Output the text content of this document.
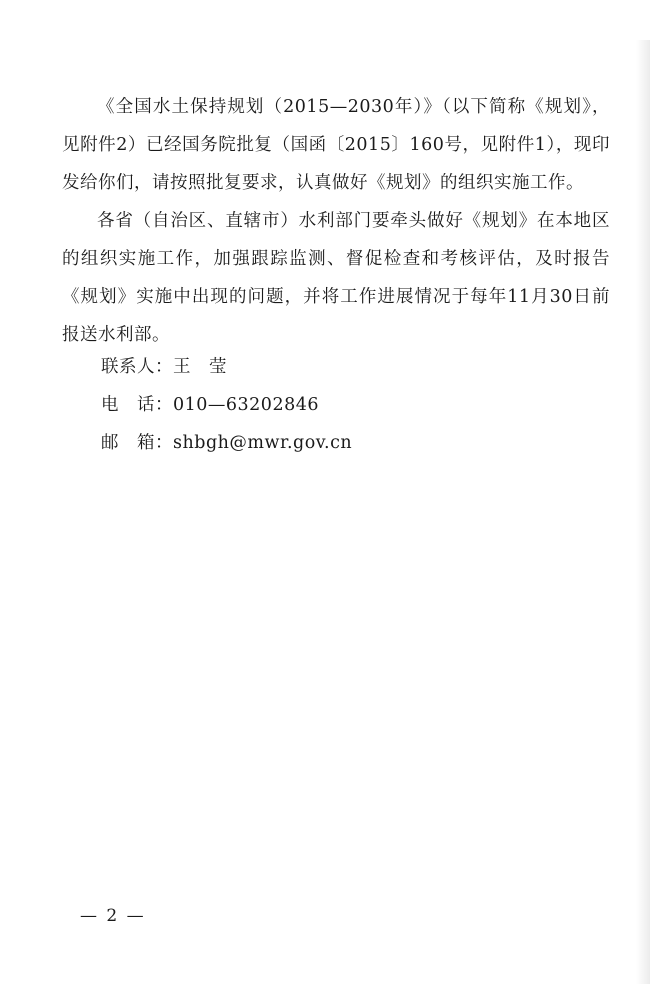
《全国水土保持规划（2015—2030年）》（以下简称《规划》，见附件2）已经国务院批复（国函〔2015〕160号，见附件1），现印发给你们，请按照批复要求，认真做好《规划》的组织实施工作。

各省（自治区、直辖市）水利部门要牵头做好《规划》在本地区的组织实施工作，加强跟踪监测、督促检查和考核评估，及时报告《规划》实施中出现的问题，并将工作进展情况于每年11月30日前报送水利部。

联系人：王　莹
电　话：010—63202846
邮　箱：shbgh@mwr.gov.cn
— 2 —
